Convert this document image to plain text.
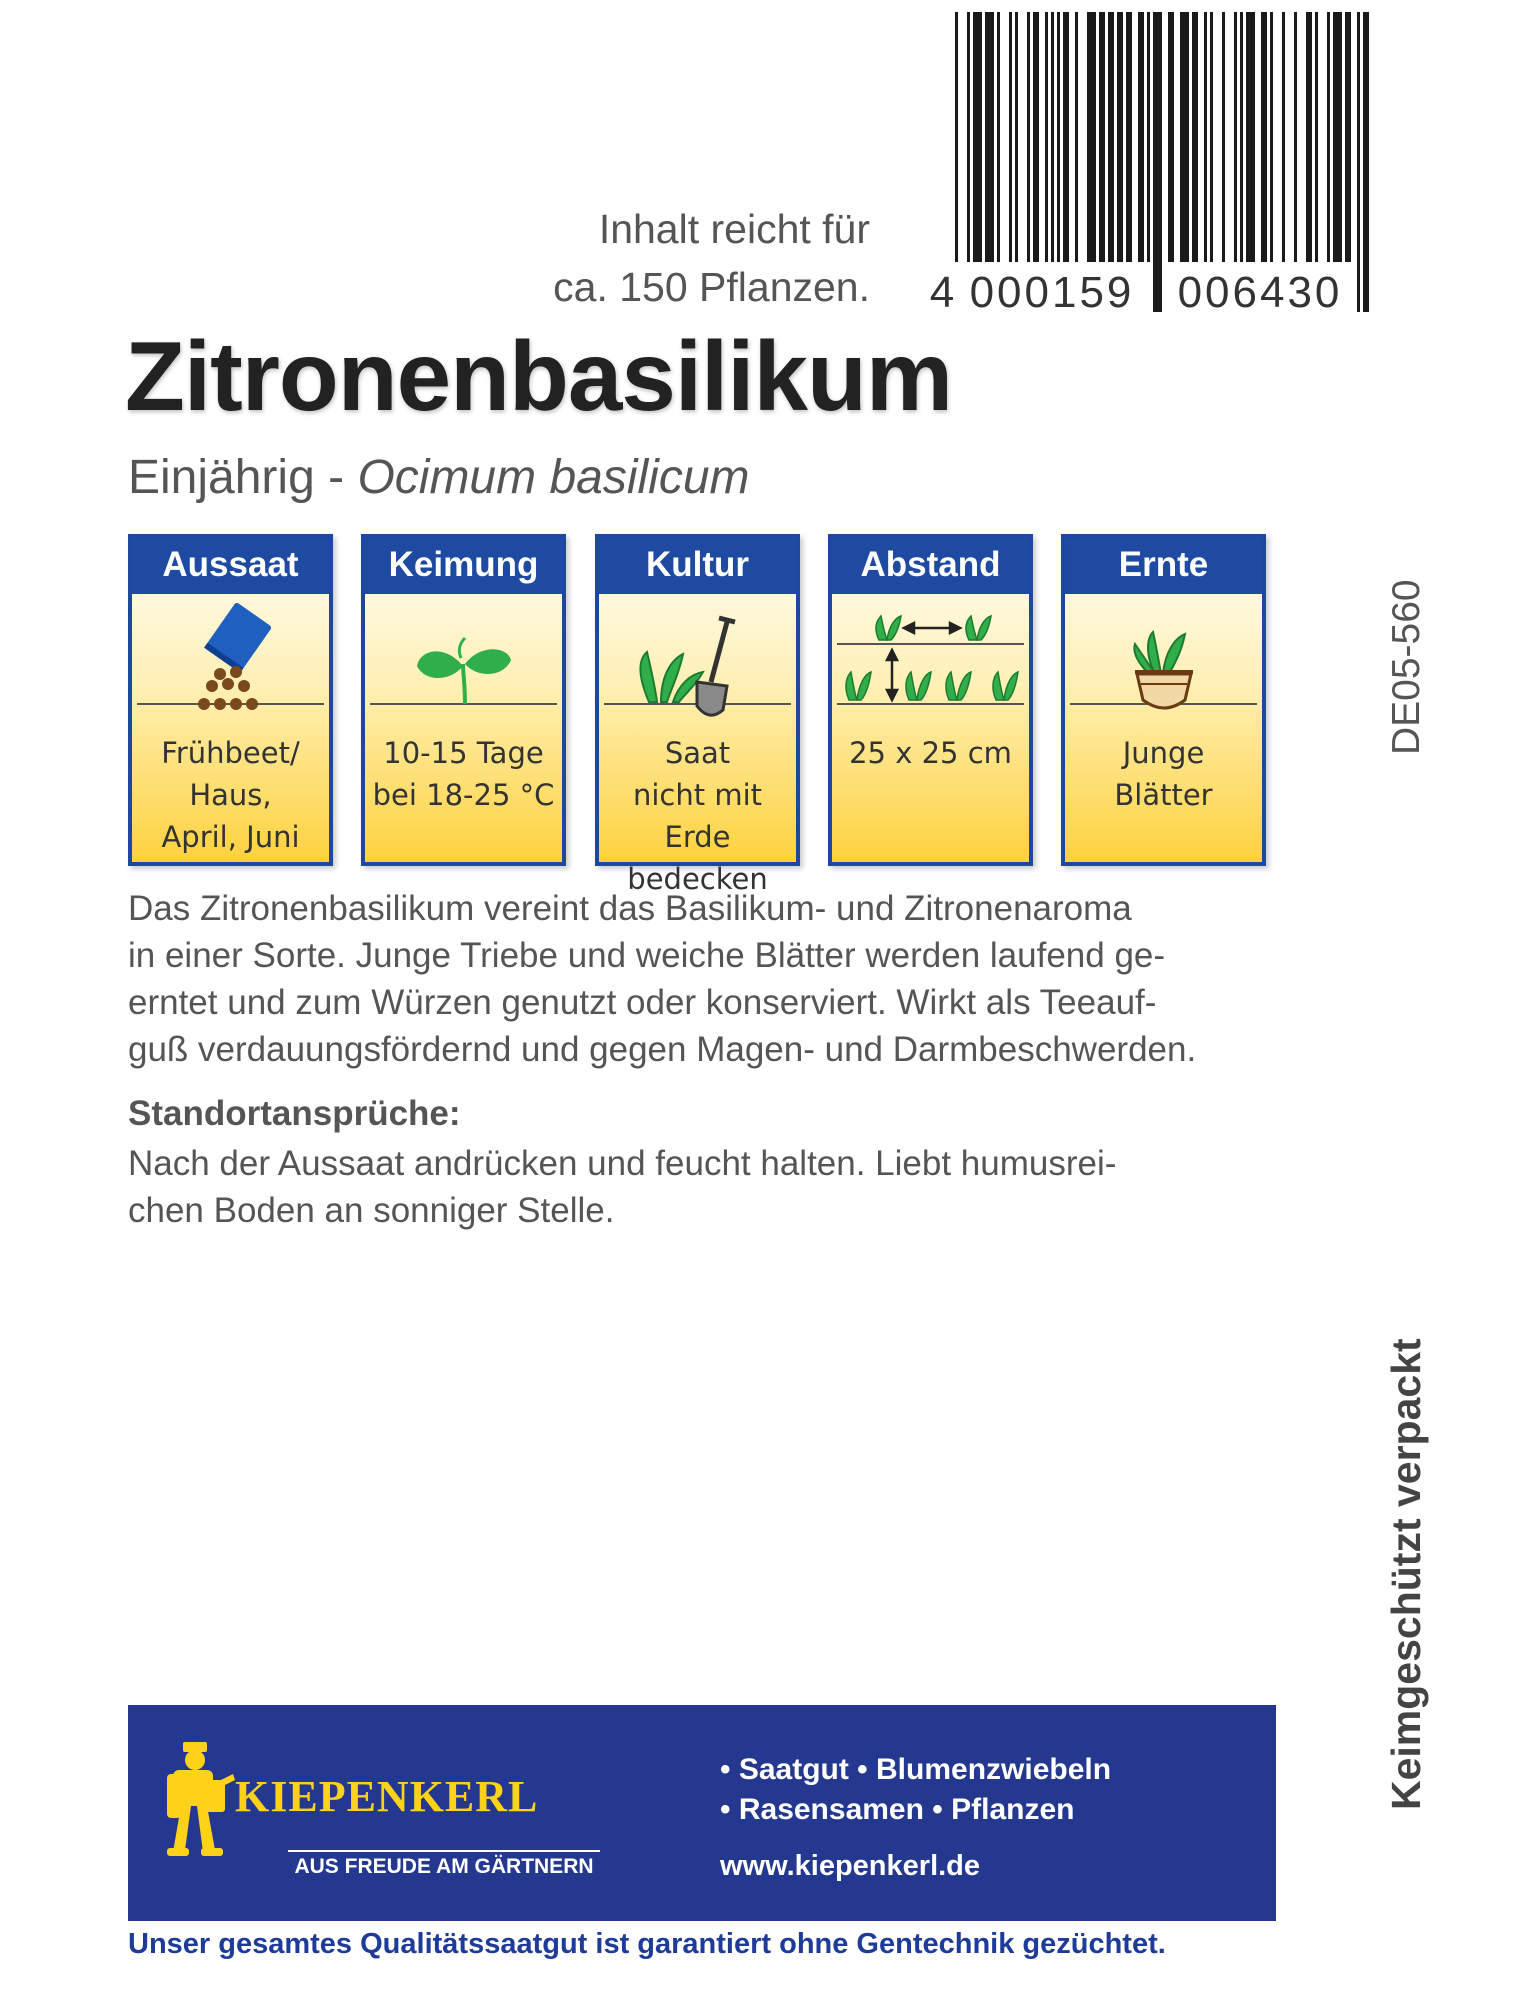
4 000159 006430
Inhalt reicht für
ca. 150 Pflanzen.
Zitronenbasilikum
Einjährig - Ocimum basilicum
DE05-560
Keimgeschützt verpackt
Aussaat
Frühbeet/
Haus,
April, Juni
Keimung
10-15 Tage
bei 18-25 °C
Kultur
Saat
nicht mit Erde
bedecken
Abstand
25 x 25 cm
Ernte
Junge
Blätter
Das Zitronenbasilikum vereint das Basilikum- und Zitronenaroma
in einer Sorte. Junge Triebe und weiche Blätter werden laufend ge-
erntet und zum Würzen genutzt oder konserviert. Wirkt als Teeauf-
guß verdauungsfördernd und gegen Magen- und Darmbeschwerden.
Standortansprüche:
Nach der Aussaat andrücken und feucht halten. Liebt humusrei-
chen Boden an sonniger Stelle.
KIEPENKERL
AUS FREUDE AM GÄRTNERN
• Saatgut • Blumenzwiebeln
• Rasensamen • Pflanzen
www.kiepenkerl.de
Unser gesamtes Qualitätssaatgut ist garantiert ohne Gentechnik gezüchtet.
